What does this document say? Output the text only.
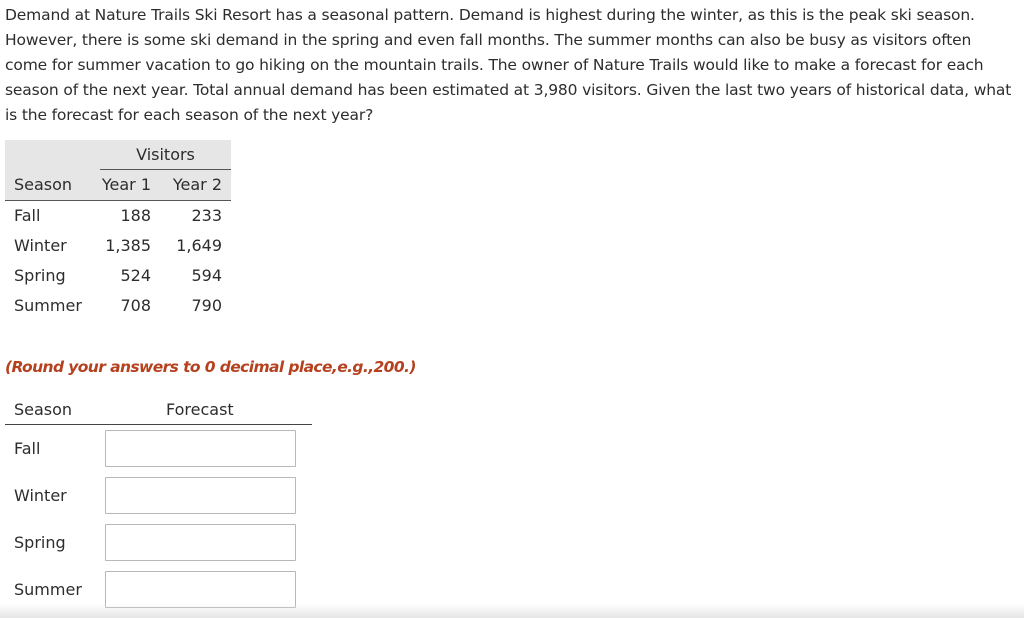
Demand at Nature Trails Ski Resort has a seasonal pattern. Demand is highest during the winter, as this is the peak ski season. However, there is some ski demand in the spring and even fall months. The summer months can also be busy as visitors often come for summer vacation to go hiking on the mountain trails. The owner of Nature Trails would like to make a forecast for each season of the next year. Total annual demand has been estimated at 3,980 visitors. Given the last two years of historical data, what is the forecast for each season of the next year?

Visitors
Season Year 1 Year 2
Fall	188	233
Winter 1,385 1,649
Spring	524	594
Summer 708	790
(Round your answers to 0 decimal place,e.g.,200.)
Season	Forecast
Fall
Winter
Spring
Summer
